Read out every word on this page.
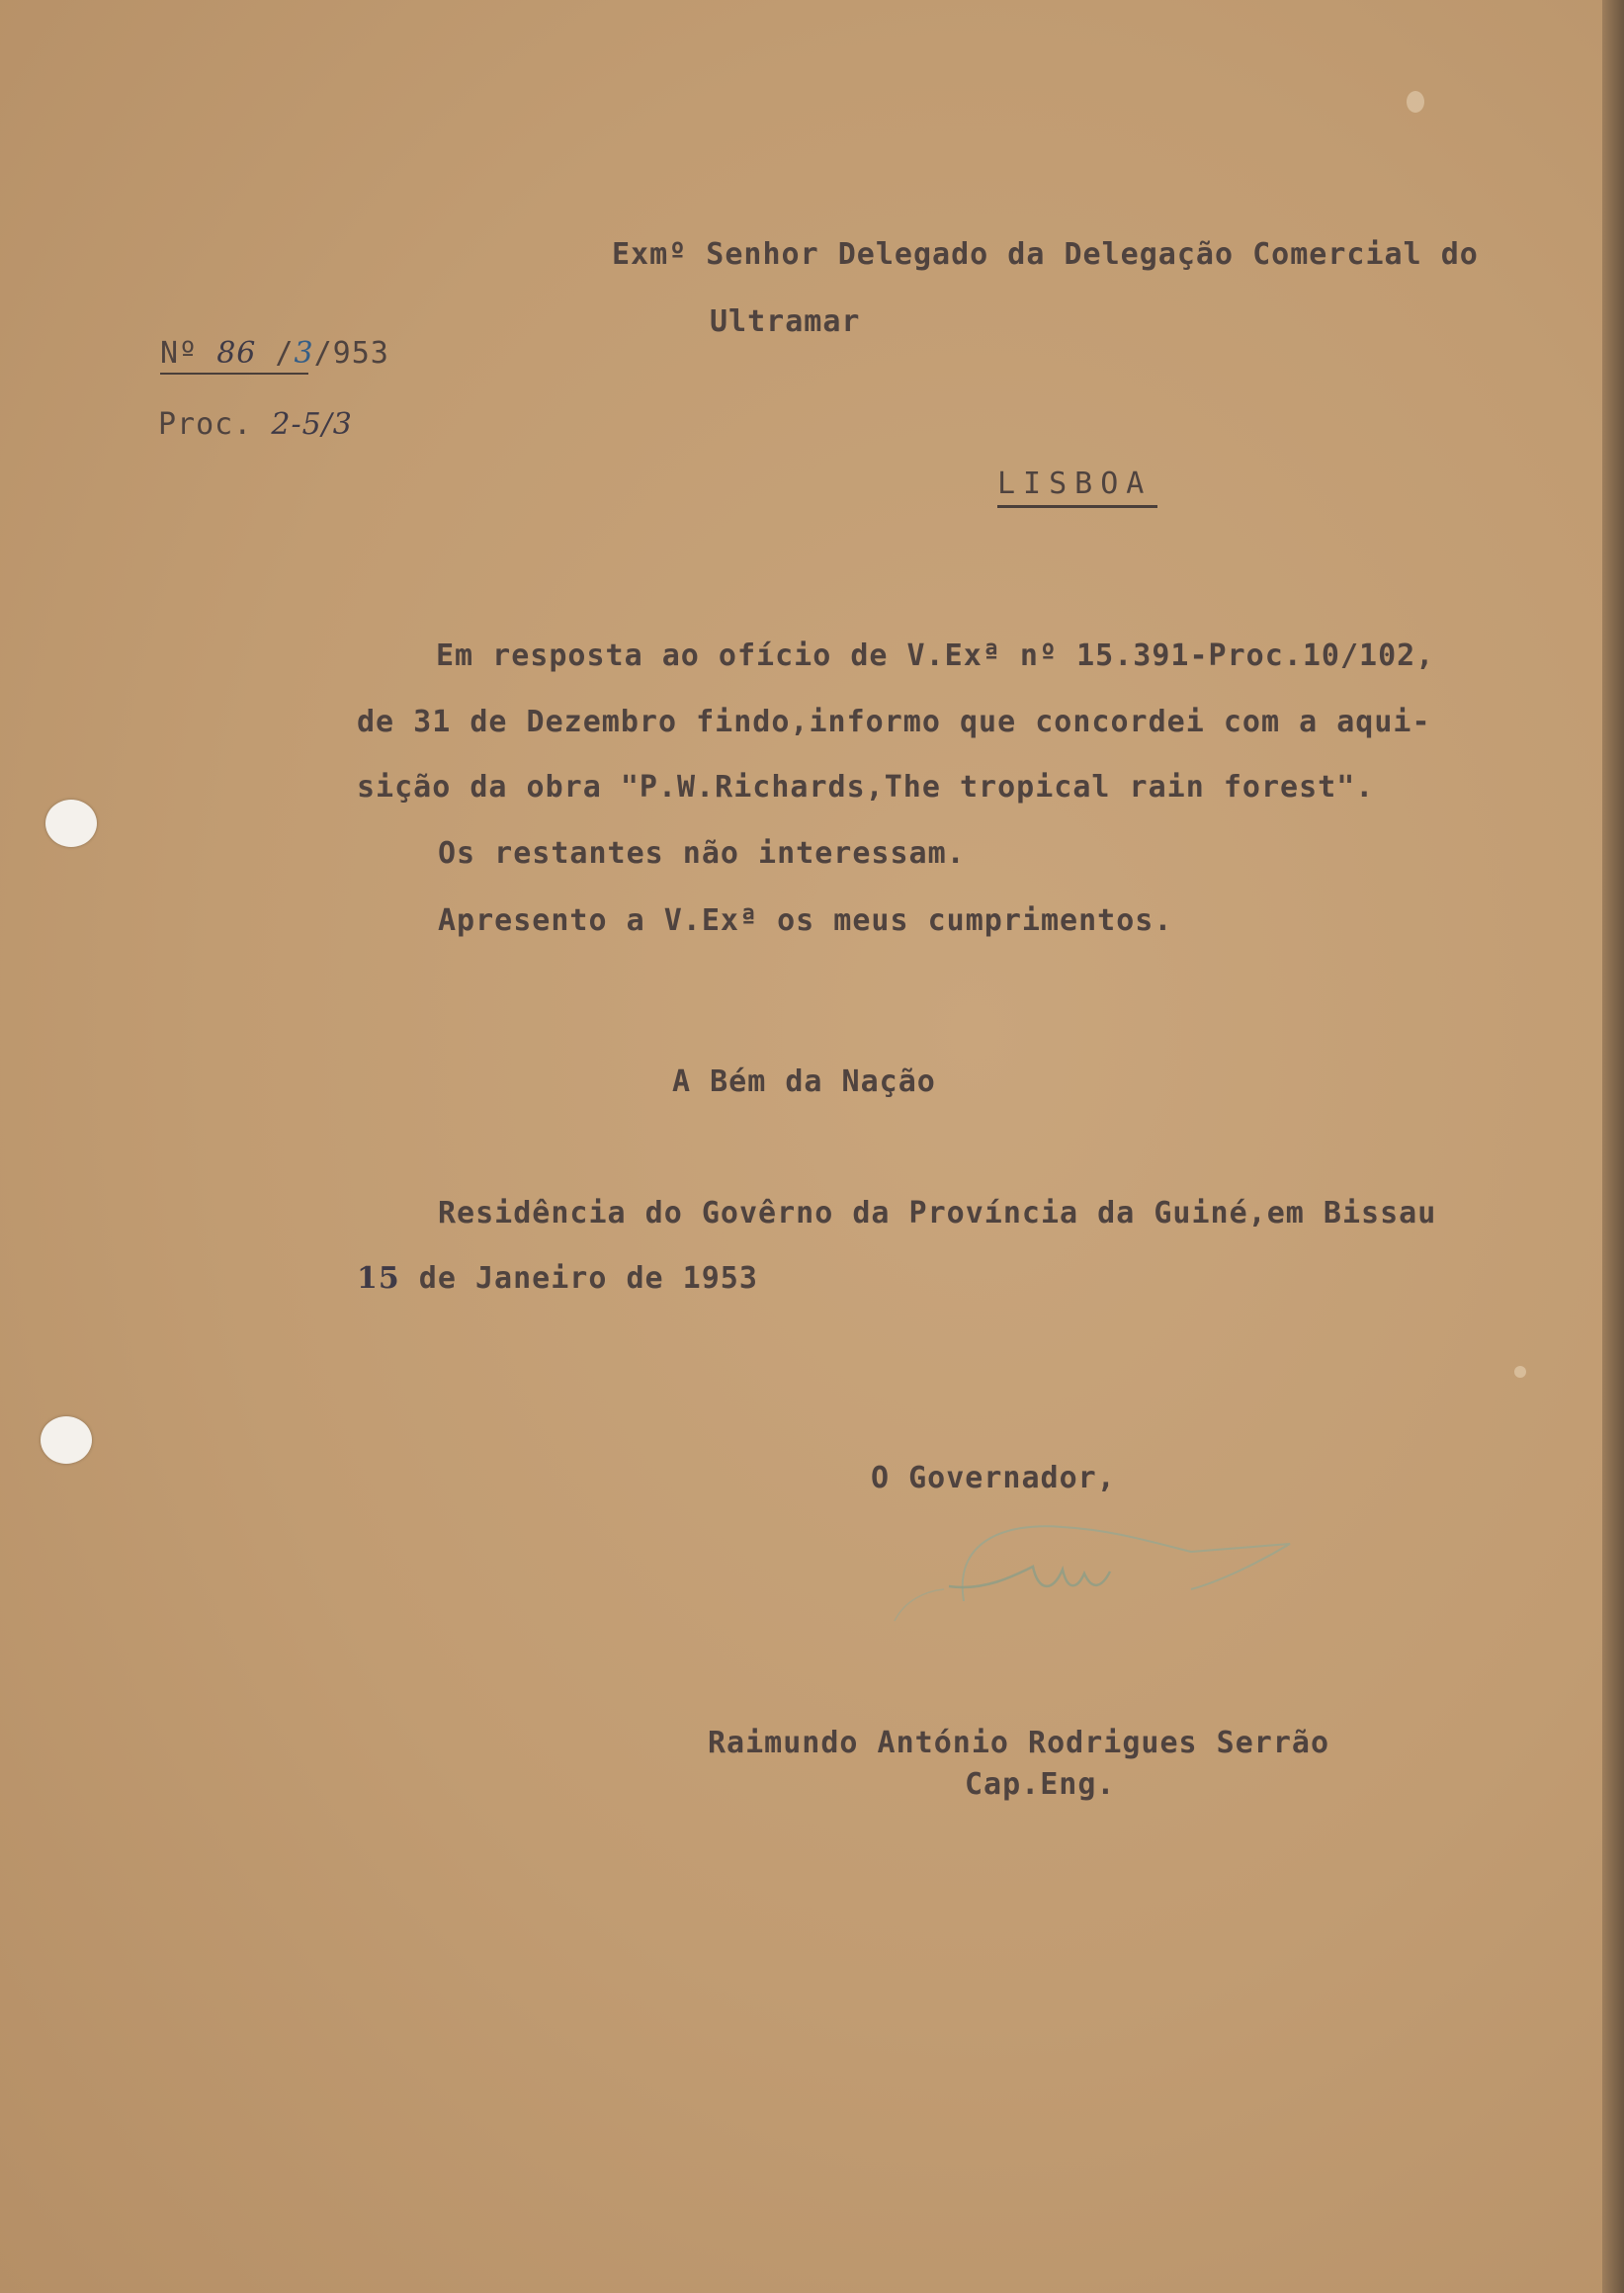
Exmº Senhor Delegado da Delegação Comercial do
Ultramar
Nº 86 /3/953
Proc. 2-5/3
LISBOA
Em resposta ao ofício de V.Exª nº 15.391-Proc.10/102,
de 31 de Dezembro findo,informo que concordei com a aqui-
sição da obra "P.W.Richards,The tropical rain forest".
Os restantes não interessam.
Apresento a V.Exª os meus cumprimentos.
A Bém da Nação
Residência do Govêrno da Província da Guiné,em Bissau
15 de Janeiro de 1953
O Governador,
Raimundo António Rodrigues Serrão
Cap.Eng.
